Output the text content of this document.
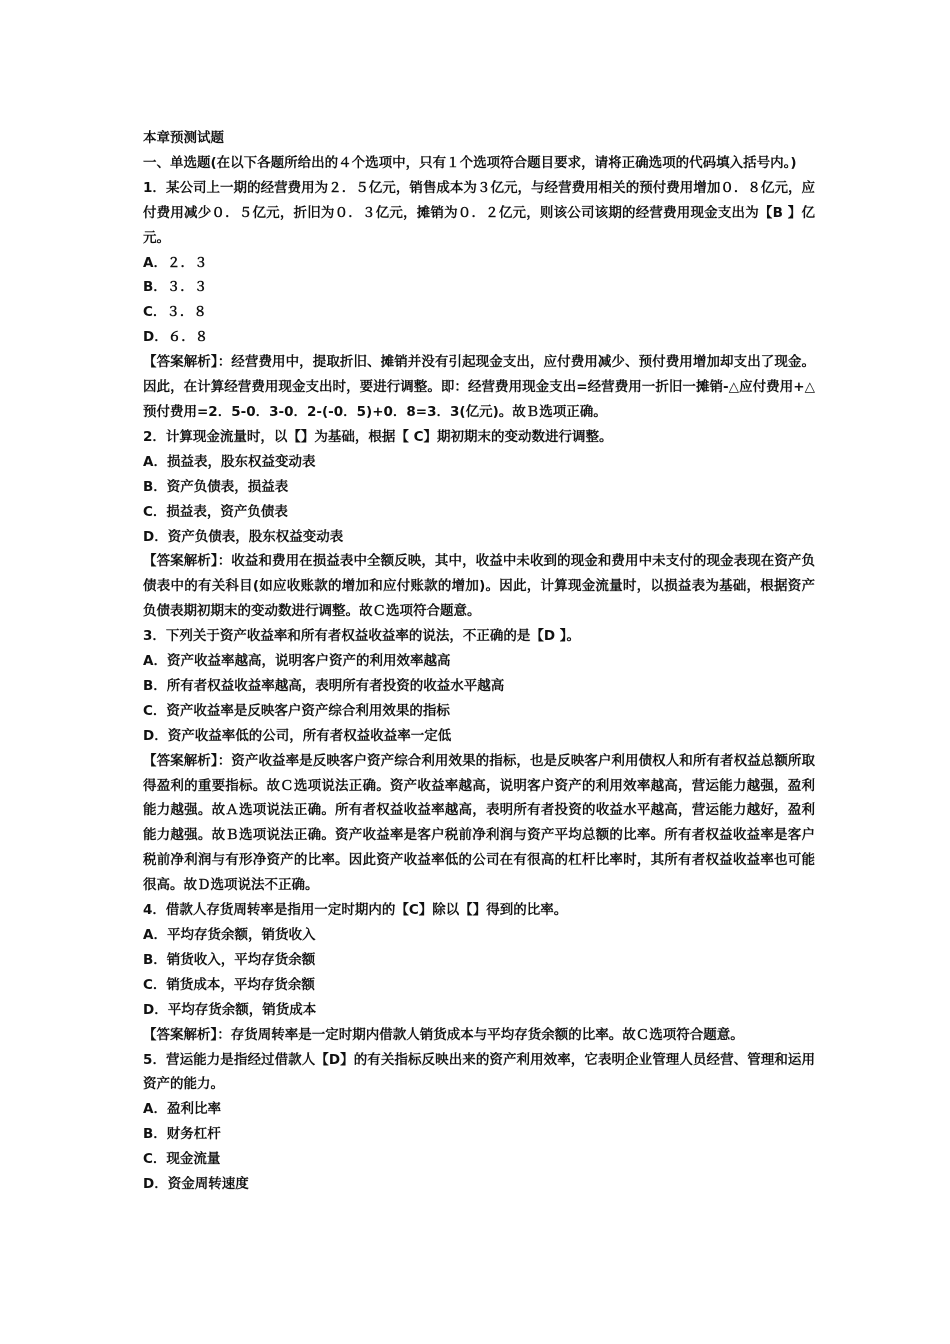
本章预测试题

一、单选题(在以下各题所给出的４个选项中，只有１个选项符合题目要求，请将正确选项的代码填入括号内。)

1．某公司上一期的经营费用为２．５亿元，销售成本为３亿元，与经营费用相关的预付费用增加０．８亿元，应付费用减少０．５亿元，折旧为０．３亿元，摊销为０．２亿元，则该公司该期的经营费用现金支出为【B 】亿元。

A．２．３
B．３．３
C．３．８
D．６．８

【答案解析】：经营费用中，提取折旧、摊销并没有引起现金支出，应付费用减少、预付费用增加却支出了现金。因此，在计算经营费用现金支出时，要进行调整。即：经营费用现金支出=经营费用一折旧一摊销-△应付费用+△预付费用=2．5-0．3-0．2-(-0．5)+0．8=3．3(亿元)。故Ｂ选项正确。

2．计算现金流量时，以【】为基础，根据【 C】期初期末的变动数进行调整。

A．损益表，股东权益变动表
B．资产负债表，损益表
C．损益表，资产负债表
D．资产负债表，股东权益变动表

【答案解析】：收益和费用在损益表中全额反映，其中，收益中未收到的现金和费用中未支付的现金表现在资产负债表中的有关科目(如应收账款的增加和应付账款的增加)。因此，计算现金流量时，以损益表为基础，根据资产负债表期初期末的变动数进行调整。故Ｃ选项符合题意。

3．下列关于资产收益率和所有者权益收益率的说法，不正确的是【D 】。

A．资产收益率越高，说明客户资产的利用效率越高
B．所有者权益收益率越高，表明所有者投资的收益水平越高
C．资产收益率是反映客户资产综合利用效果的指标
D．资产收益率低的公司，所有者权益收益率一定低

【答案解析】：资产收益率是反映客户资产综合利用效果的指标，也是反映客户利用债权人和所有者权益总额所取得盈利的重要指标。故Ｃ选项说法正确。资产收益率越高，说明客户资产的利用效率越高，营运能力越强，盈利能力越强。故Ａ选项说法正确。所有者权益收益率越高，表明所有者投资的收益水平越高，营运能力越好，盈利能力越强。故Ｂ选项说法正确。资产收益率是客户税前净利润与资产平均总额的比率。所有者权益收益率是客户税前净利润与有形净资产的比率。因此资产收益率低的公司在有很高的杠杆比率时，其所有者权益收益率也可能很高。故Ｄ选项说法不正确。

4．借款人存货周转率是指用一定时期内的【C】除以【】得到的比率。

A．平均存货余额，销货收入
B．销货收入，平均存货余额
C．销货成本，平均存货余额
D．平均存货余额，销货成本

【答案解析】：存货周转率是一定时期内借款人销货成本与平均存货余额的比率。故Ｃ选项符合题意。

5．营运能力是指经过借款人【D】的有关指标反映出来的资产利用效率，它表明企业管理人员经营、管理和运用资产的能力。

A．盈利比率
B．财务杠杆
C．现金流量
D．资金周转速度
